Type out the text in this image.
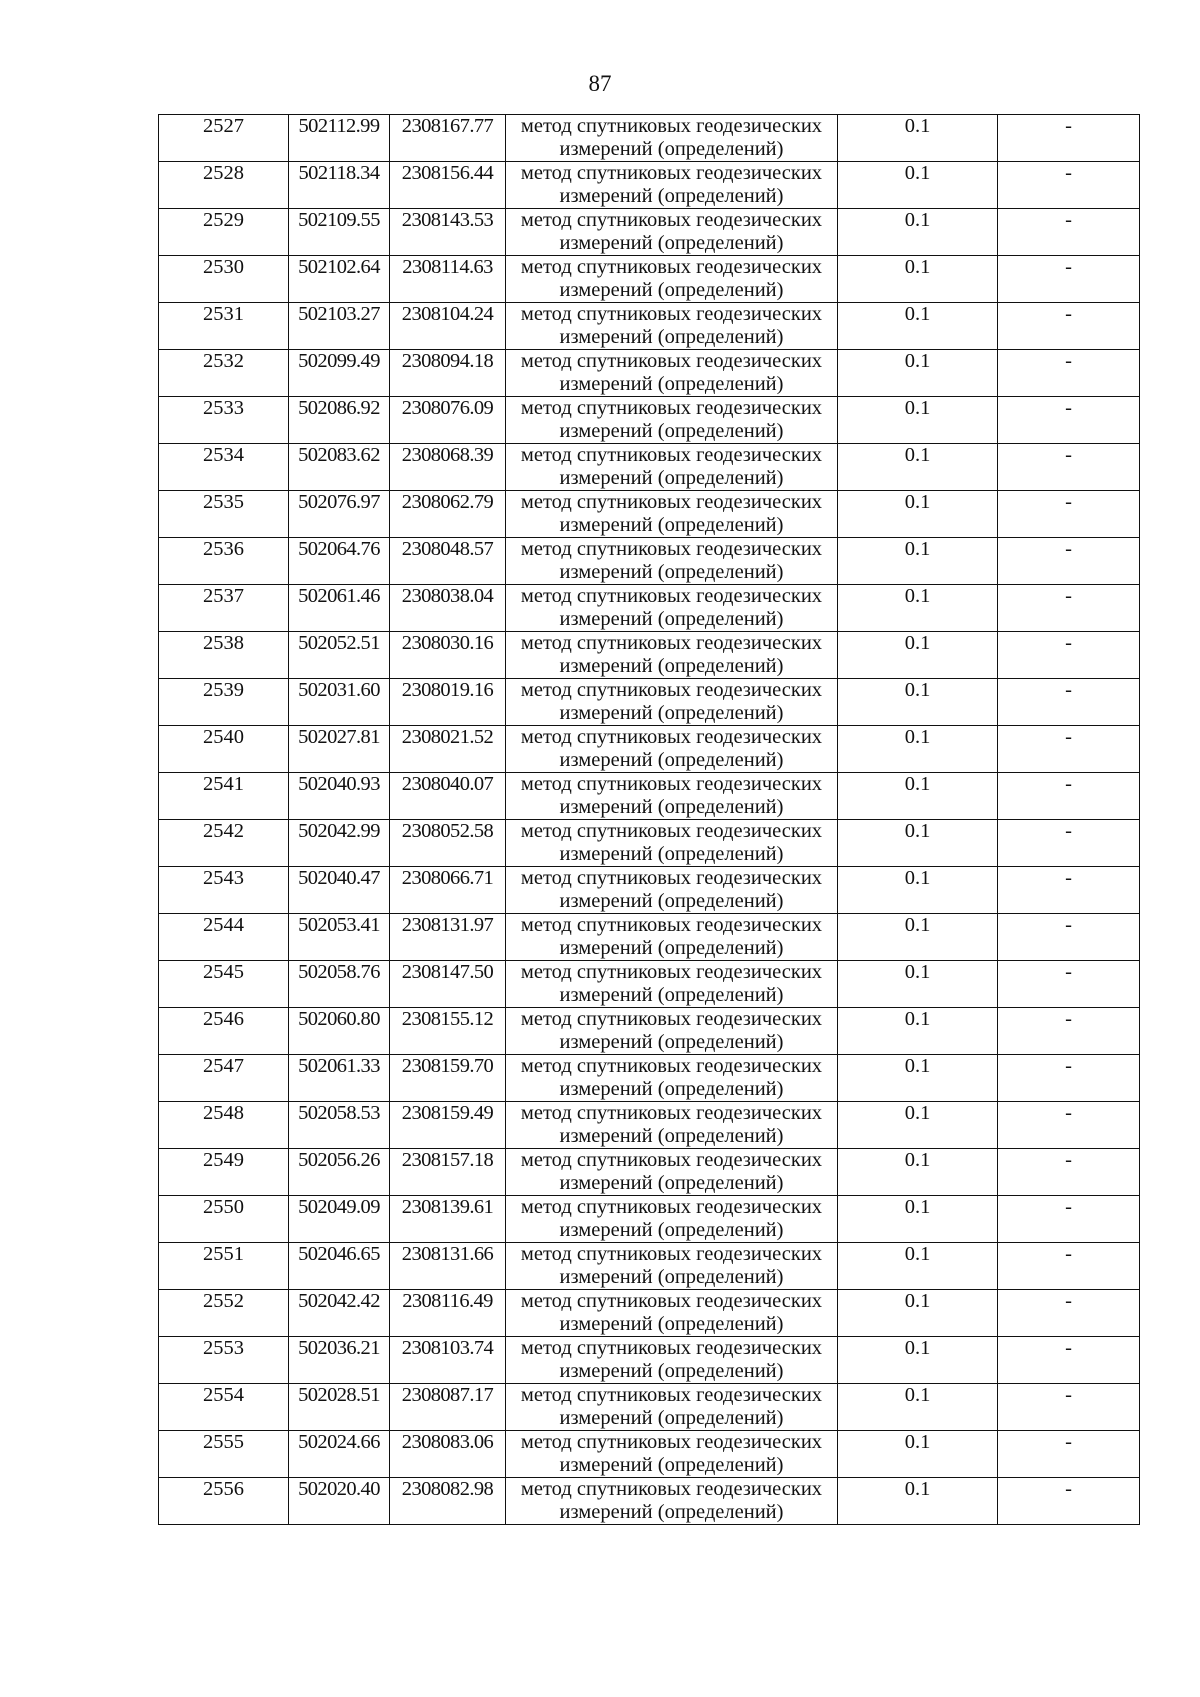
87
2527	502112.99	2308167.77	метод спутниковых геодезических
измерений (определений)	0.1	-
2528	502118.34	2308156.44	метод спутниковых геодезических
измерений (определений)	0.1	-
2529	502109.55	2308143.53	метод спутниковых геодезических
измерений (определений)	0.1	-
2530	502102.64	2308114.63	метод спутниковых геодезических
измерений (определений)	0.1	-
2531	502103.27	2308104.24	метод спутниковых геодезических
измерений (определений)	0.1	-
2532	502099.49	2308094.18	метод спутниковых геодезических
измерений (определений)	0.1	-
2533	502086.92	2308076.09	метод спутниковых геодезических
измерений (определений)	0.1	-
2534	502083.62	2308068.39	метод спутниковых геодезических
измерений (определений)	0.1	-
2535	502076.97	2308062.79	метод спутниковых геодезических
измерений (определений)	0.1	-
2536	502064.76	2308048.57	метод спутниковых геодезических
измерений (определений)	0.1	-
2537	502061.46	2308038.04	метод спутниковых геодезических
измерений (определений)	0.1	-
2538	502052.51	2308030.16	метод спутниковых геодезических
измерений (определений)	0.1	-
2539	502031.60	2308019.16	метод спутниковых геодезических
измерений (определений)	0.1	-
2540	502027.81	2308021.52	метод спутниковых геодезических
измерений (определений)	0.1	-
2541	502040.93	2308040.07	метод спутниковых геодезических
измерений (определений)	0.1	-
2542	502042.99	2308052.58	метод спутниковых геодезических
измерений (определений)	0.1	-
2543	502040.47	2308066.71	метод спутниковых геодезических
измерений (определений)	0.1	-
2544	502053.41	2308131.97	метод спутниковых геодезических
измерений (определений)	0.1	-
2545	502058.76	2308147.50	метод спутниковых геодезических
измерений (определений)	0.1	-
2546	502060.80	2308155.12	метод спутниковых геодезических
измерений (определений)	0.1	-
2547	502061.33	2308159.70	метод спутниковых геодезических
измерений (определений)	0.1	-
2548	502058.53	2308159.49	метод спутниковых геодезических
измерений (определений)	0.1	-
2549	502056.26	2308157.18	метод спутниковых геодезических
измерений (определений)	0.1	-
2550	502049.09	2308139.61	метод спутниковых геодезических
измерений (определений)	0.1	-
2551	502046.65	2308131.66	метод спутниковых геодезических
измерений (определений)	0.1	-
2552	502042.42	2308116.49	метод спутниковых геодезических
измерений (определений)	0.1	-
2553	502036.21	2308103.74	метод спутниковых геодезических
измерений (определений)	0.1	-
2554	502028.51	2308087.17	метод спутниковых геодезических
измерений (определений)	0.1	-
2555	502024.66	2308083.06	метод спутниковых геодезических
измерений (определений)	0.1	-
2556	502020.40	2308082.98	метод спутниковых геодезических
измерений (определений)	0.1	-
